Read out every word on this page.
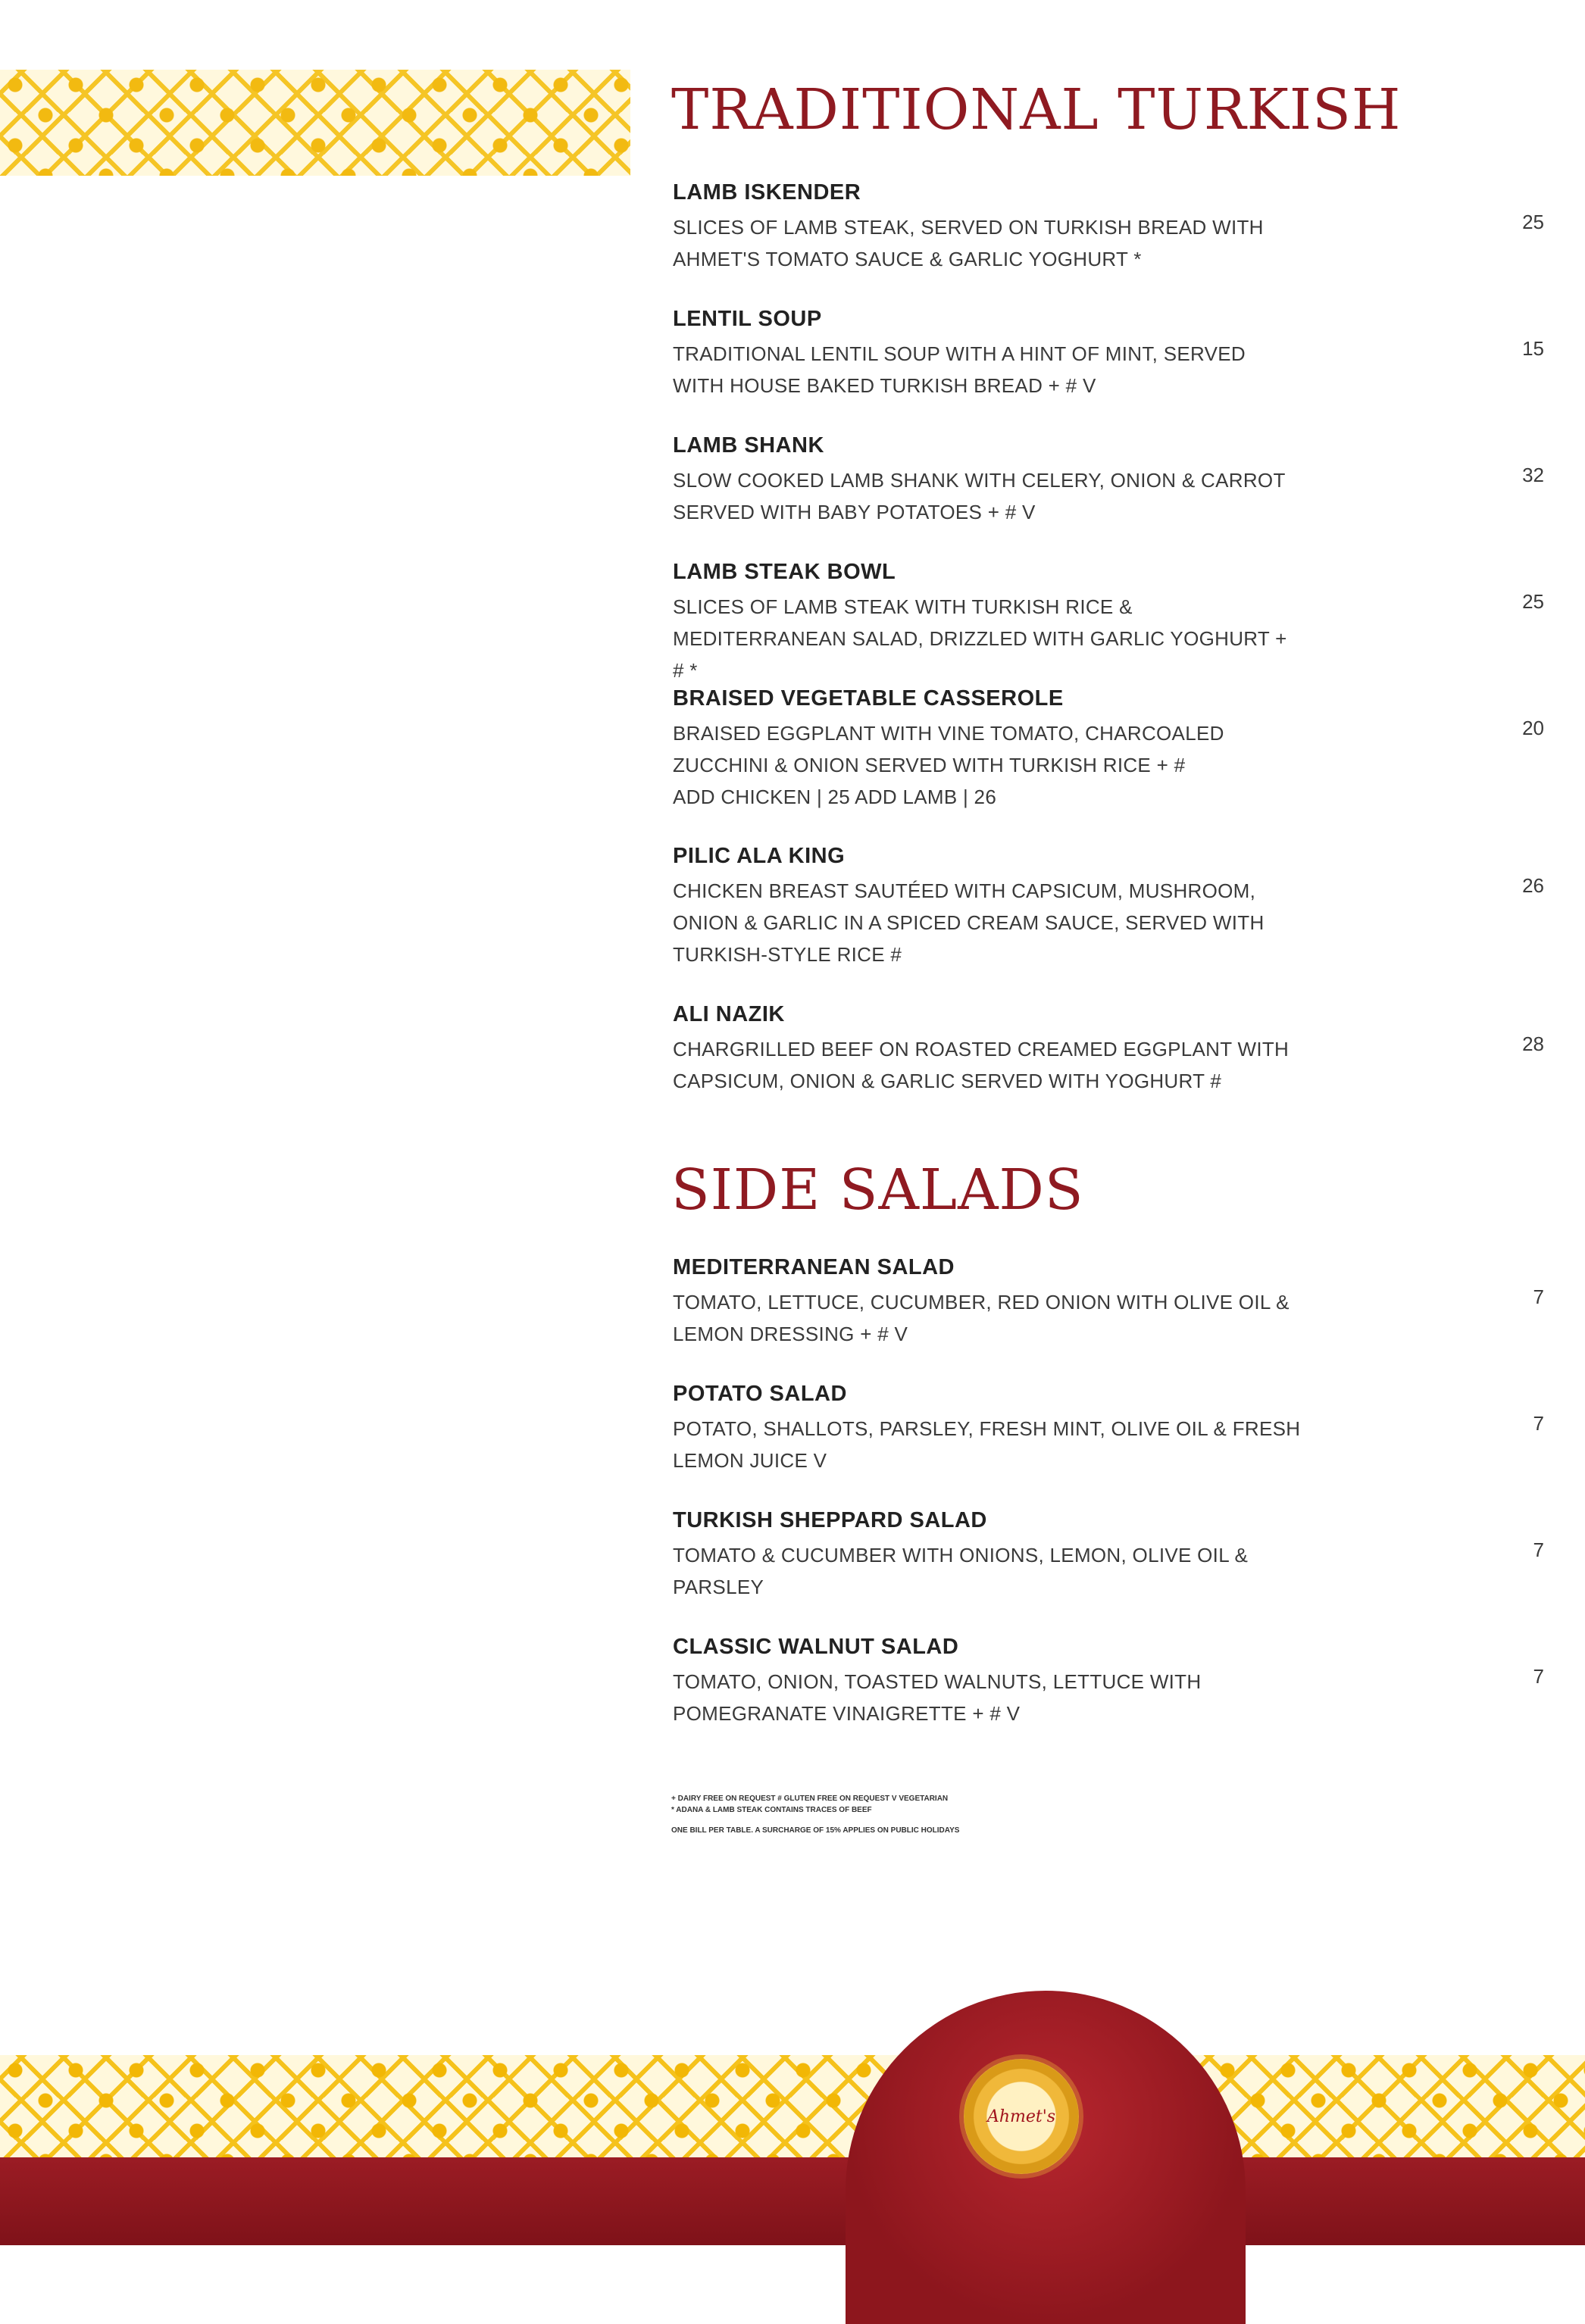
TRADITIONAL TURKISH
LAMB ISKENDER
SLICES OF LAMB STEAK, SERVED ON TURKISH BREAD WITH AHMET'S TOMATO SAUCE & GARLIC YOGHURT *
25
LENTIL SOUP
TRADITIONAL LENTIL SOUP WITH A HINT OF MINT, SERVED WITH HOUSE BAKED TURKISH BREAD + # V
15
LAMB SHANK
SLOW COOKED LAMB SHANK WITH CELERY, ONION & CARROT SERVED WITH BABY POTATOES + # V
32
LAMB STEAK BOWL
SLICES OF LAMB STEAK WITH TURKISH RICE & MEDITERRANEAN SALAD, DRIZZLED WITH GARLIC YOGHURT + # *
25
BRAISED VEGETABLE CASSEROLE
BRAISED EGGPLANT WITH VINE TOMATO, CHARCOALED ZUCCHINI & ONION SERVED WITH TURKISH RICE + #
ADD CHICKEN | 25 ADD LAMB | 26
20
PILIC ALA KING
CHICKEN BREAST SAUTÉED WITH CAPSICUM, MUSHROOM, ONION & GARLIC IN A SPICED CREAM SAUCE, SERVED WITH TURKISH-STYLE RICE #
26
ALI NAZIK
CHARGRILLED BEEF ON ROASTED CREAMED EGGPLANT WITH CAPSICUM, ONION & GARLIC SERVED WITH YOGHURT #
28
SIDE SALADS
MEDITERRANEAN SALAD
TOMATO, LETTUCE, CUCUMBER, RED ONION WITH OLIVE OIL & LEMON DRESSING + # V
7
POTATO SALAD
POTATO, SHALLOTS, PARSLEY, FRESH MINT, OLIVE OIL & FRESH LEMON JUICE V
7
TURKISH SHEPPARD SALAD
TOMATO & CUCUMBER WITH ONIONS, LEMON, OLIVE OIL & PARSLEY
7
CLASSIC WALNUT SALAD
TOMATO, ONION, TOASTED WALNUTS, LETTUCE WITH POMEGRANATE VINAIGRETTE + # V
7
+ DAIRY FREE ON REQUEST # GLUTEN FREE ON REQUEST V VEGETARIAN
* ADANA & LAMB STEAK CONTAINS TRACES OF BEEF
ONE BILL PER TABLE. A SURCHARGE OF 15% APPLIES ON PUBLIC HOLIDAYS
Ahmet's
